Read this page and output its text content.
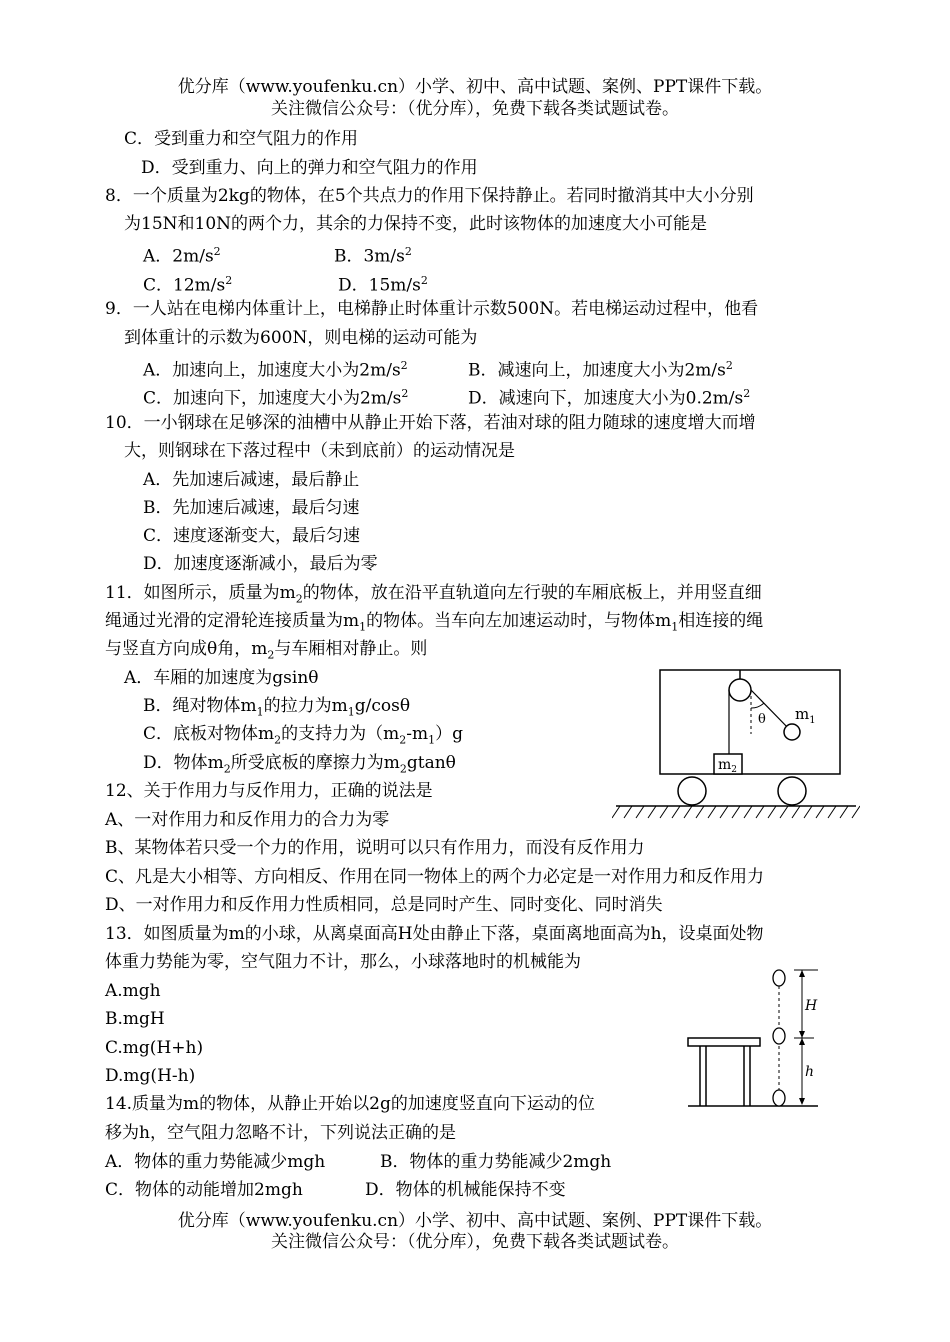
优分库（www.youfenku.cn）小学、初中、高中试题、案例、PPT课件下载。
关注微信公众号：（优分库），免费下载各类试题试卷。
C．受到重力和空气阻力的作用
D．受到重力、向上的弹力和空气阻力的作用
8．一个质量为2kg的物体，在5个共点力的作用下保持静止。若同时撤消其中大小分别
为15N和10N的两个力，其余的力保持不变，此时该物体的加速度大小可能是
A．$2m/s^2$	B．$3m/s^2$
C．$12m/s^2$	D．$15m/s^2$
9．一人站在电梯内体重计上，电梯静止时体重计示数500N。若电梯运动过程中，他看
到体重计的示数为600N，则电梯的运动可能为
A．加速向上，加速度大小为$2m/s^2$	B．减速向上，加速度大小为$2m/s^2$
C．加速向下，加速度大小为$2m/s^2$	D．减速向下，加速度大小为$0.2m/s^2$
10．一小钢球在足够深的油槽中从静止开始下落，若油对球的阻力随球的速度增大而增
大，则钢球在下落过程中（未到底前）的运动情况是
A．先加速后减速，最后静止
B．先加速后减速，最后匀速
C．速度逐渐变大，最后匀速
D．加速度逐渐减小，最后为零
11．如图所示，质量为$m_2$的物体，放在沿平直轨道向左行驶的车厢底板上，并用竖直细
绳通过光滑的定滑轮连接质量为$m_1$的物体。当车向左加速运动时，与物体$m_1$相连接的绳
与竖直方向成θ角，$m_2$与车厢相对静止。则
A．车厢的加速度为gsinθ
B．绳对物体$m_1$的拉力为$m_1g$/cosθ
C．底板对物体$m_2$的支持力为$(m_2-m_1)g$
D．物体$m_2$所受底板的摩擦力为$m_2gtan\theta$
θ $m_1$
$m_2$
12、关于作用力与反作用力，正确的说法是
A、一对作用力和反作用力的合力为零
B、某物体若只受一个力的作用，说明可以只有作用力，而没有反作用力
C、凡是大小相等、方向相反、作用在同一物体上的两个力必定是一对作用力和反作用力
D、一对作用力和反作用力性质相同，总是同时产生、同时变化、同时消失
13．如图质量为m的小球，从离桌面高H处由静止下落，桌面离地面高为h，设桌面处物
体重力势能为零，空气阻力不计，那么，小球落地时的机械能为
A.mgh
B.mgH
C.mg(H+h)
D.mg(H-h)
H
h
14.质量为m的物体，从静止开始以2g的加速度竖直向下运动的位
移为h，空气阻力忽略不计，下列说法正确的是
A．物体的重力势能减少mgh	B．物体的重力势能减少2mgh
C．物体的动能增加2mgh	D．物体的机械能保持不变
优分库（www.youfenku.cn）小学、初中、高中试题、案例、PPT课件下载。
关注微信公众号：（优分库），免费下载各类试题试卷。
